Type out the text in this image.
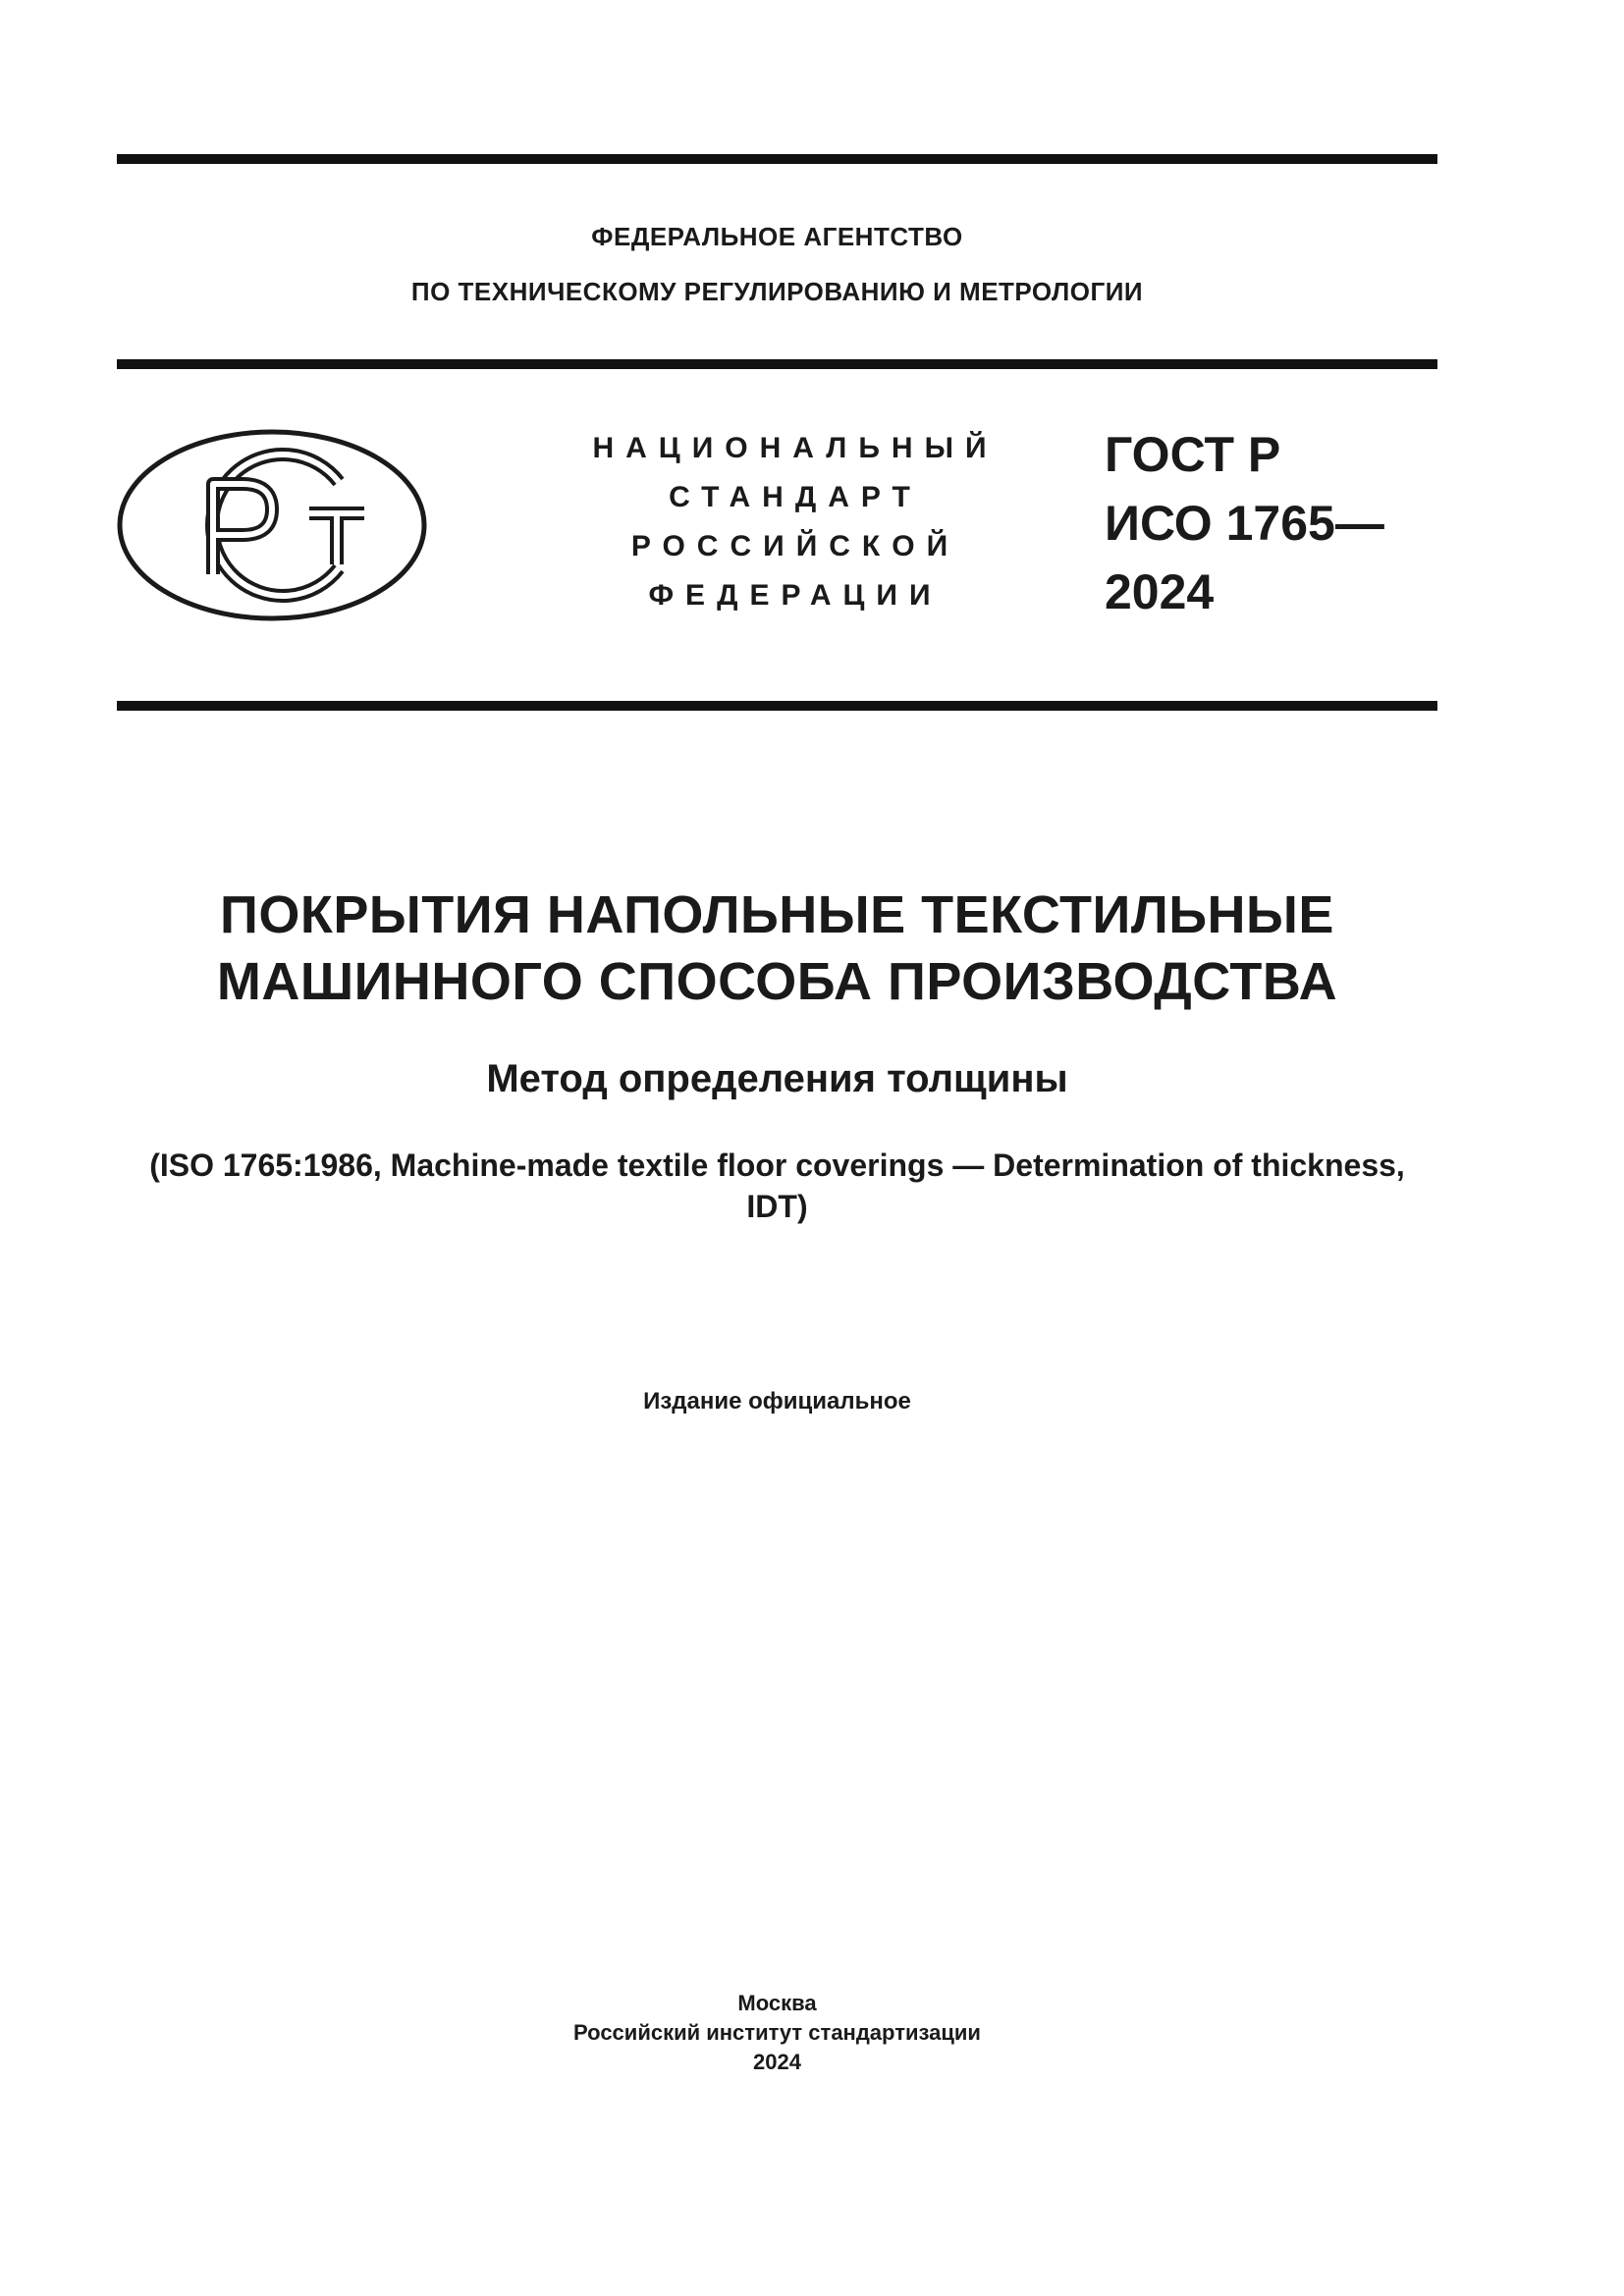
ФЕДЕРАЛЬНОЕ АГЕНТСТВО
ПО ТЕХНИЧЕСКОМУ РЕГУЛИРОВАНИЮ И МЕТРОЛОГИИ
НАЦИОНАЛЬНЫЙ
СТАНДАРТ
РОССИЙСКОЙ
ФЕДЕРАЦИИ
ГОСТ Р
ИСО 1765—
2024
ПОКРЫТИЯ НАПОЛЬНЫЕ ТЕКСТИЛЬНЫЕ
МАШИННОГО СПОСОБА ПРОИЗВОДСТВА
Метод определения толщины
(ISO 1765:1986, Machine-made textile floor coverings — Determination of thickness,
IDT)
Издание официальное
Москва
Российский институт стандартизации
2024
